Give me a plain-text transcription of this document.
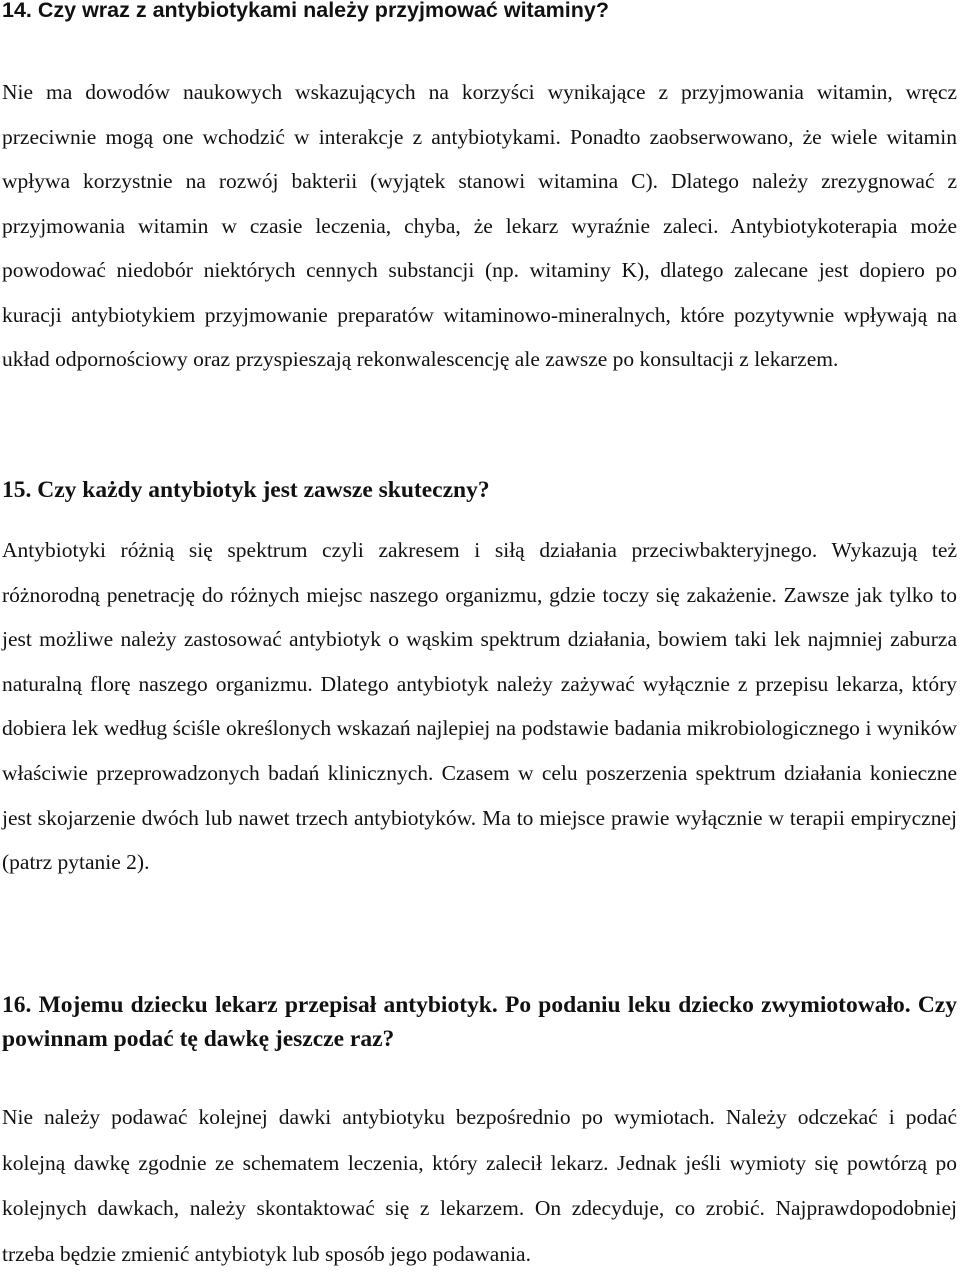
14. Czy wraz z antybiotykami należy przyjmować witaminy?

Nie ma dowodów naukowych wskazujących na korzyści wynikające z przyjmowania witamin, wręcz przeciwnie mogą one wchodzić w interakcje z antybiotykami. Ponadto zaobserwowano, że wiele witamin wpływa korzystnie na rozwój bakterii (wyjątek stanowi witamina C). Dlatego należy zrezygnować z przyjmowania witamin w czasie leczenia, chyba, że lekarz wyraźnie zaleci. Antybiotykoterapia może powodować niedobór niektórych cennych substancji (np. witaminy K), dlatego zalecane jest dopiero po kuracji antybiotykiem przyjmowanie preparatów witaminowo-mineralnych, które pozytywnie wpływają na układ odpornościowy oraz przyspieszają rekonwalescencję ale zawsze po konsultacji z lekarzem.

15. Czy każdy antybiotyk jest zawsze skuteczny?

Antybiotyki różnią się spektrum czyli zakresem i siłą działania przeciwbakteryjnego. Wykazują też różnorodną penetrację do różnych miejsc naszego organizmu, gdzie toczy się zakażenie. Zawsze jak tylko to jest możliwe należy zastosować antybiotyk o wąskim spektrum działania, bowiem taki lek najmniej zaburza naturalną florę naszego organizmu. Dlatego antybiotyk należy zażywać wyłącznie z przepisu lekarza, który dobiera lek według ściśle określonych wskazań najlepiej na podstawie badania mikrobiologicznego i wyników właściwie przeprowadzonych badań klinicznych. Czasem w celu poszerzenia spektrum działania konieczne jest skojarzenie dwóch lub nawet trzech antybiotyków. Ma to miejsce prawie wyłącznie w terapii empirycznej (patrz pytanie 2).

16. Mojemu dziecku lekarz przepisał antybiotyk. Po podaniu leku dziecko zwymiotowało. Czy powinnam podać tę dawkę jeszcze raz?

Nie należy podawać kolejnej dawki antybiotyku bezpośrednio po wymiotach. Należy odczekać i podać kolejną dawkę zgodnie ze schematem leczenia, który zalecił lekarz. Jednak jeśli wymioty się powtórzą po kolejnych dawkach, należy skontaktować się z lekarzem. On zdecyduje, co zrobić. Najprawdopodobniej trzeba będzie zmienić antybiotyk lub sposób jego podawania.
